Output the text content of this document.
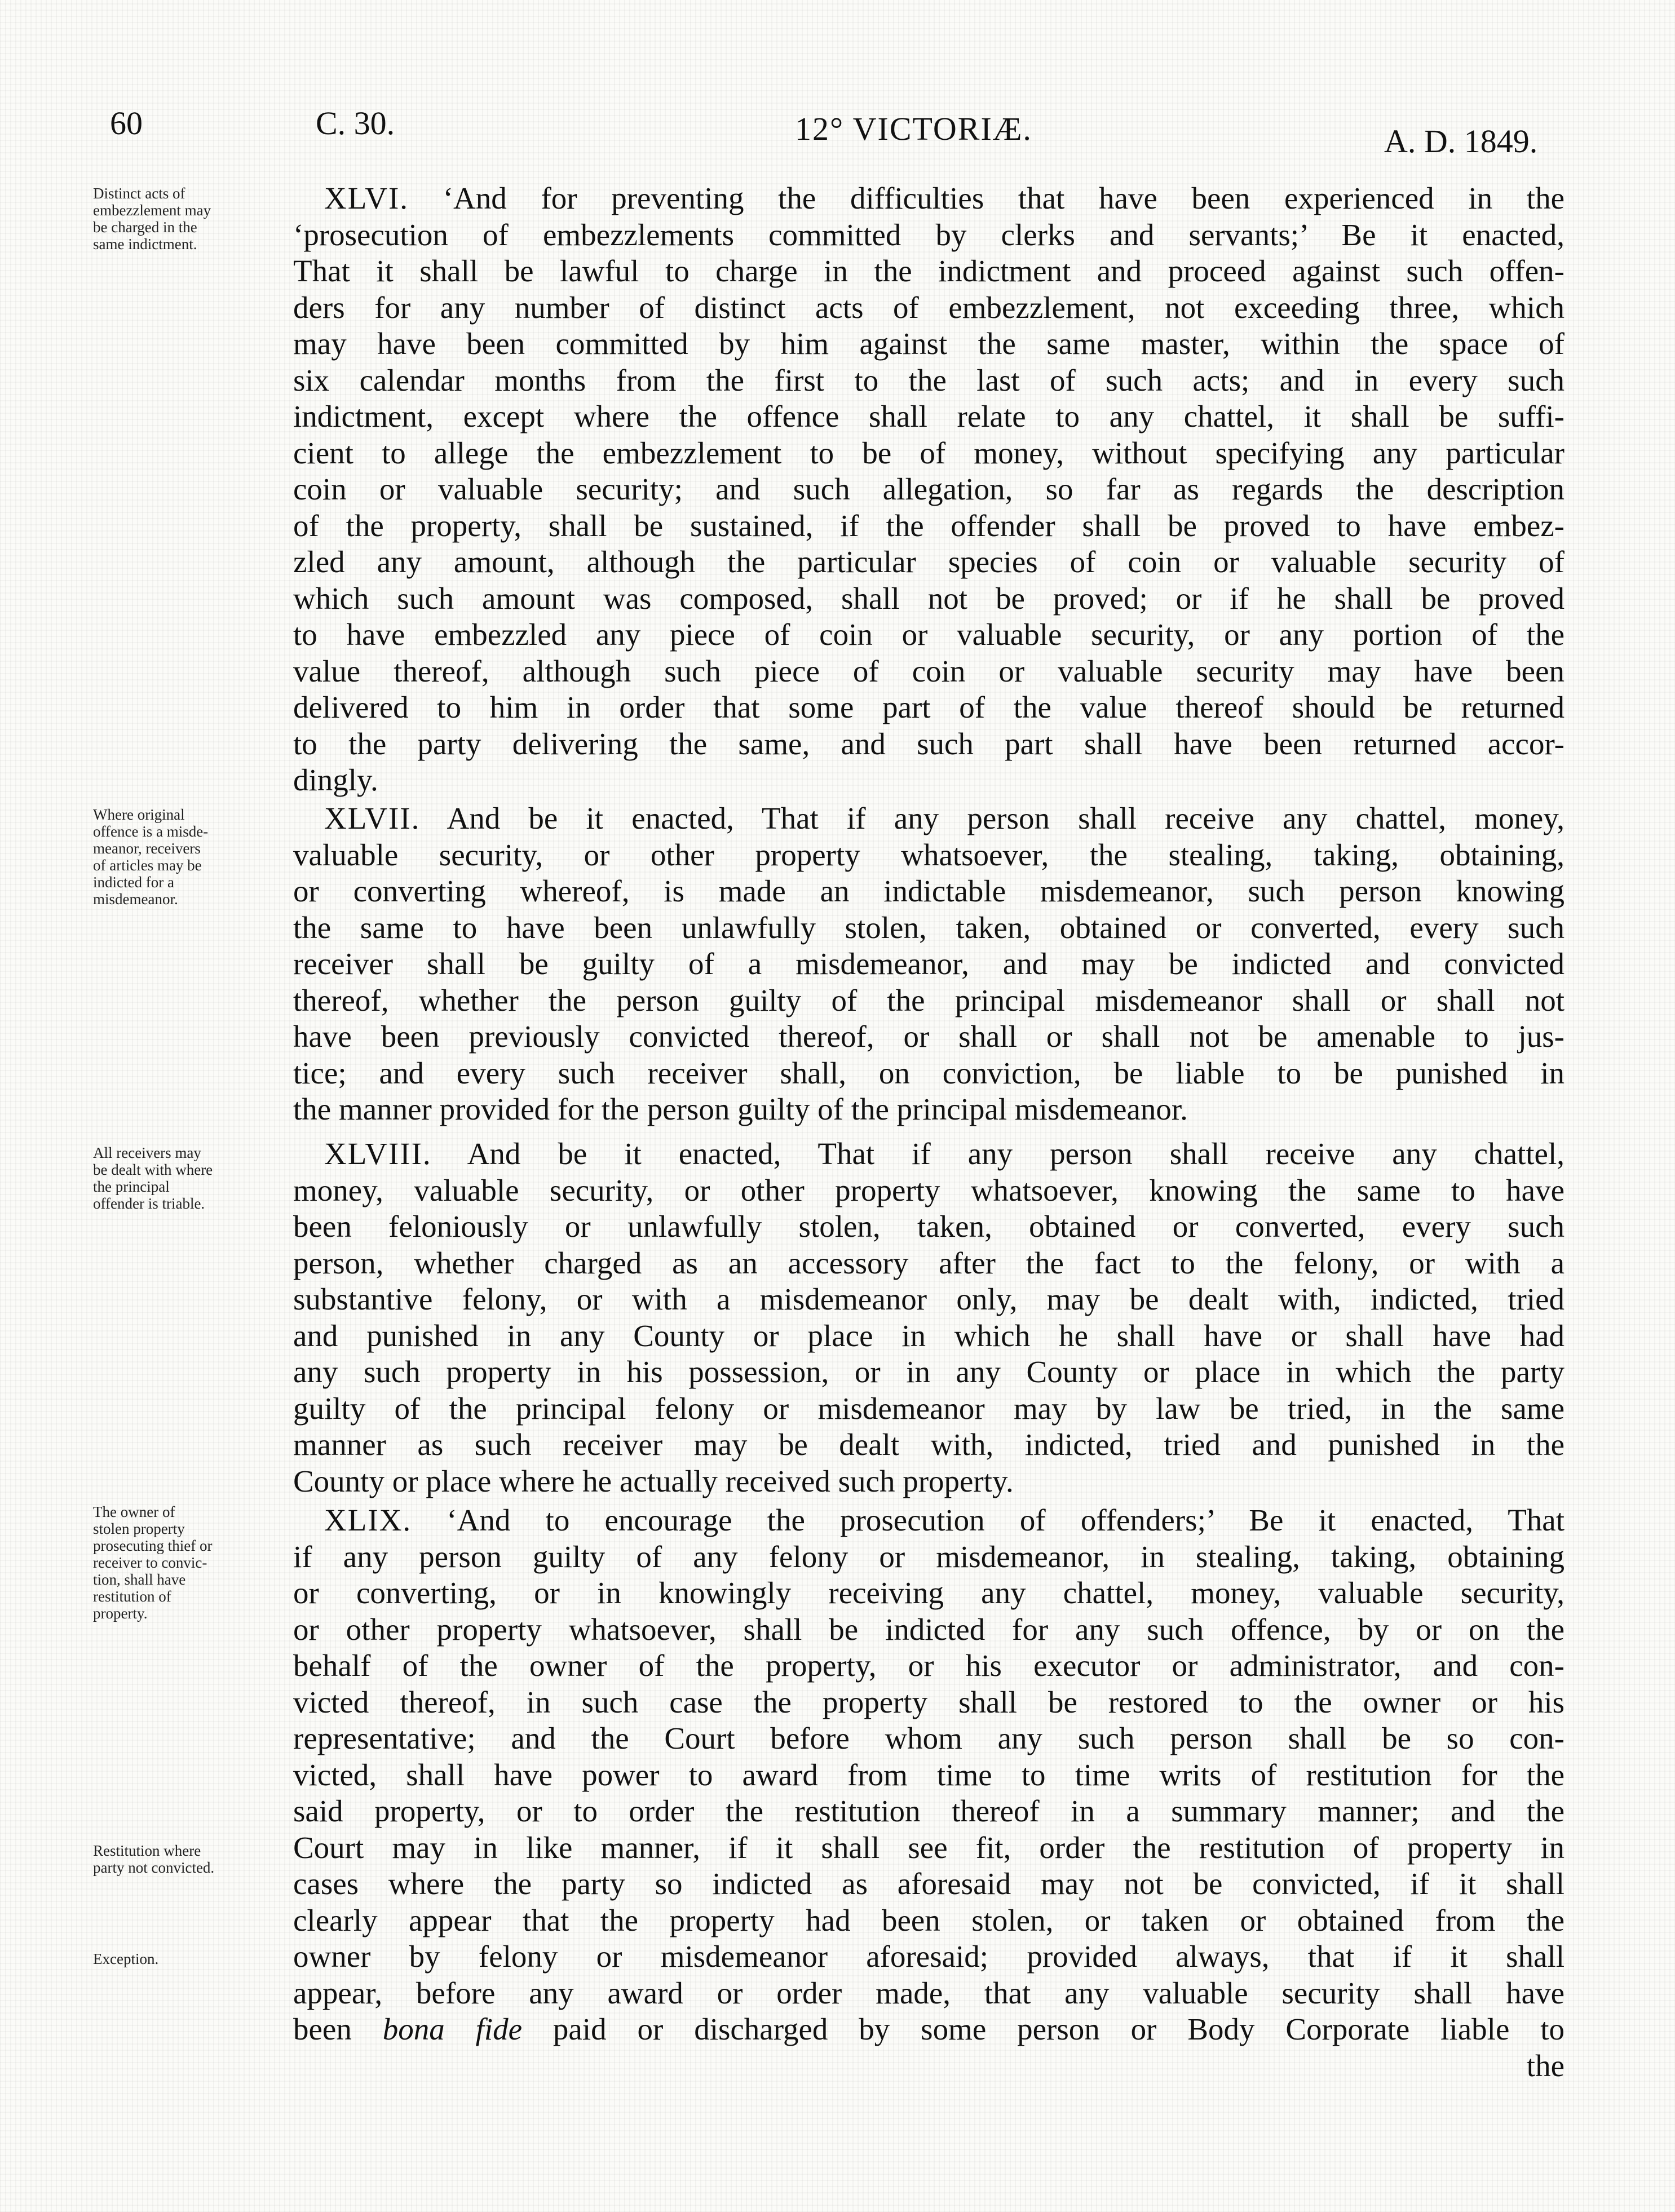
60	C. 30.	12° VICTORIÆ.	A. D. 1849.
Distinct acts of
embezzlement may
be charged in the
same indictment.
Where original
offence is a misde-
meanor, receivers
of articles may be
indicted for a
misdemeanor.
All receivers may
be dealt with where
the principal
offender is triable.
The owner of
stolen property
prosecuting thief or
receiver to convic-
tion, shall have
restitution of
property.
Restitution where
party not convicted.
Exception.
XLVI. ‘And for preventing the difficulties that have been experienced in the
‘prosecution of embezzlements committed by clerks and servants;’ Be it enacted,
That it shall be lawful to charge in the indictment and proceed against such offen-
ders for any number of distinct acts of embezzlement, not exceeding three, which
may have been committed by him against the same master, within the space of
six calendar months from the first to the last of such acts; and in every such
indictment, except where the offence shall relate to any chattel, it shall be suffi-
cient to allege the embezzlement to be of money, without specifying any particular
coin or valuable security; and such allegation, so far as regards the description
of the property, shall be sustained, if the offender shall be proved to have embez-
zled any amount, although the particular species of coin or valuable security of
which such amount was composed, shall not be proved; or if he shall be proved
to have embezzled any piece of coin or valuable security, or any portion of the
value thereof, although such piece of coin or valuable security may have been
delivered to him in order that some part of the value thereof should be returned
to the party delivering the same, and such part shall have been returned accor-
dingly.
XLVII. And be it enacted, That if any person shall receive any chattel, money,
valuable security, or other property whatsoever, the stealing, taking, obtaining,
or converting whereof, is made an indictable misdemeanor, such person knowing
the same to have been unlawfully stolen, taken, obtained or converted, every such
receiver shall be guilty of a misdemeanor, and may be indicted and convicted
thereof, whether the person guilty of the principal misdemeanor shall or shall not
have been previously convicted thereof, or shall or shall not be amenable to jus-
tice; and every such receiver shall, on conviction, be liable to be punished in
the manner provided for the person guilty of the principal misdemeanor.
XLVIII. And be it enacted, That if any person shall receive any chattel,
money, valuable security, or other property whatsoever, knowing the same to have
been feloniously or unlawfully stolen, taken, obtained or converted, every such
person, whether charged as an accessory after the fact to the felony, or with a
substantive felony, or with a misdemeanor only, may be dealt with, indicted, tried
and punished in any County or place in which he shall have or shall have had
any such property in his possession, or in any County or place in which the party
guilty of the principal felony or misdemeanor may by law be tried, in the same
manner as such receiver may be dealt with, indicted, tried and punished in the
County or place where he actually received such property.
XLIX. ‘And to encourage the prosecution of offenders;’ Be it enacted, That
if any person guilty of any felony or misdemeanor, in stealing, taking, obtaining
or converting, or in knowingly receiving any chattel, money, valuable security,
or other property whatsoever, shall be indicted for any such offence, by or on the
behalf of the owner of the property, or his executor or administrator, and con-
victed thereof, in such case the property shall be restored to the owner or his
representative; and the Court before whom any such person shall be so con-
victed, shall have power to award from time to time writs of restitution for the
said property, or to order the restitution thereof in a summary manner; and the
Court may in like manner, if it shall see fit, order the restitution of property in
cases where the party so indicted as aforesaid may not be convicted, if it shall
clearly appear that the property had been stolen, or taken or obtained from the
owner by felony or misdemeanor aforesaid; provided always, that if it shall
appear, before any award or order made, that any valuable security shall have
been bona fide paid or discharged by some person or Body Corporate liable to
the
